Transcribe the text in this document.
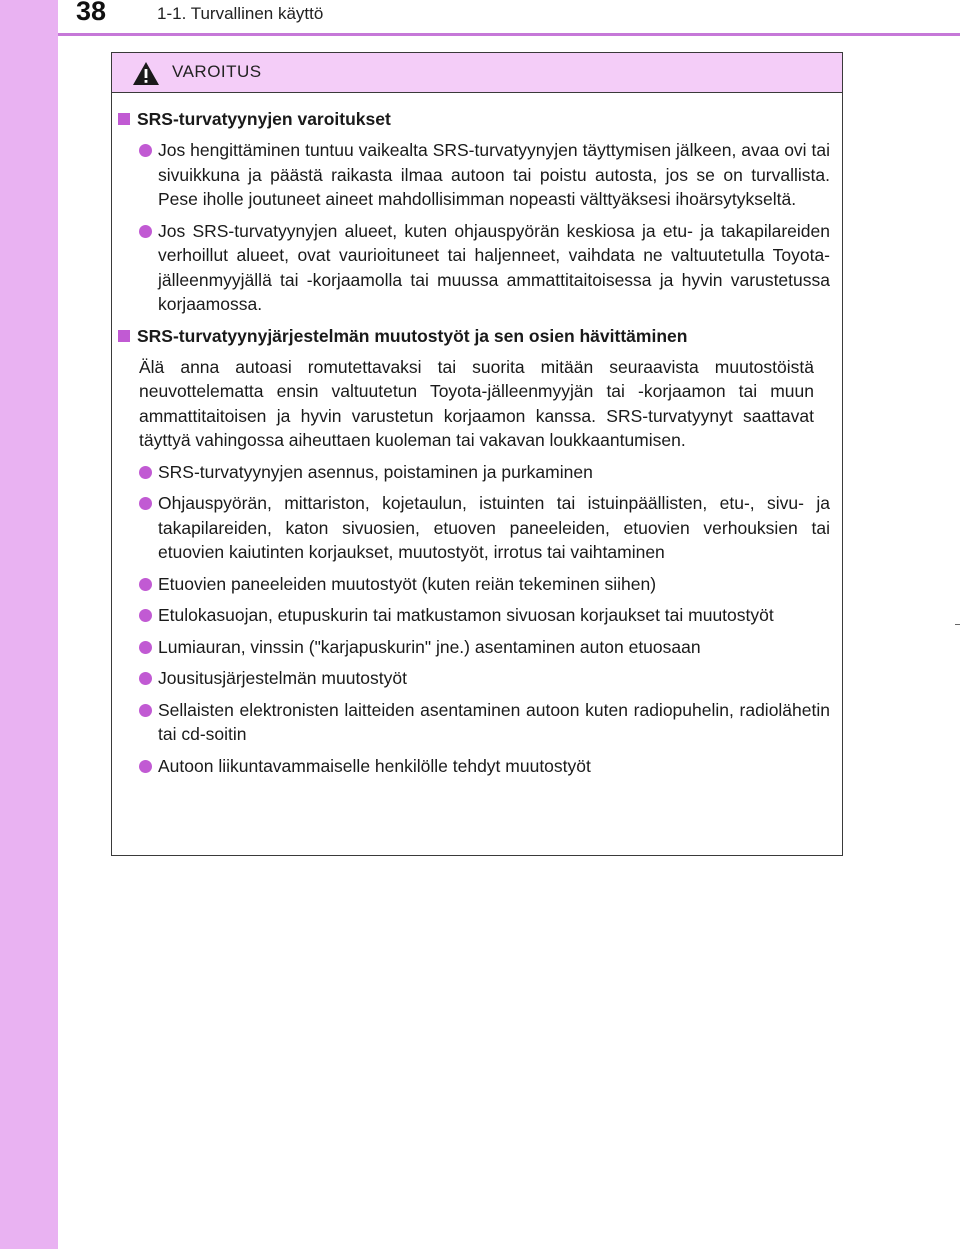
38	1-1. Turvallinen käyttö
VAROITUS
SRS-turvatyynyjen varoitukset
Jos hengittäminen tuntuu vaikealta SRS-turvatyynyjen täyttymisen jälkeen, avaa ovi tai sivuikkuna ja päästä raikasta ilmaa autoon tai poistu autosta, jos se on turvallista. Pese iholle joutuneet aineet mahdollisimman nopeasti välttyäksesi ihoärsytykseltä.
Jos SRS-turvatyynyjen alueet, kuten ohjauspyörän keskiosa ja etu- ja takapilareiden verhoillut alueet, ovat vaurioituneet tai haljenneet, vaihdata ne valtuutetulla Toyota-jälleenmyyjällä tai -korjaamolla tai muussa ammattitaitoisessa ja hyvin varustetussa korjaamossa.
SRS-turvatyynyjärjestelmän muutostyöt ja sen osien hävittäminen
Älä anna autoasi romutettavaksi tai suorita mitään seuraavista muutostöistä neuvottelematta ensin valtuutetun Toyota-jälleenmyyjän tai -korjaamon tai muun ammattitaitoisen ja hyvin varustetun korjaamon kanssa. SRS-turvatyynyt saattavat täyttyä vahingossa aiheuttaen kuoleman tai vakavan loukkaantumisen.
SRS-turvatyynyjen asennus, poistaminen ja purkaminen
Ohjauspyörän, mittariston, kojetaulun, istuinten tai istuinpäällisten, etu-, sivu- ja takapilareiden, katon sivuosien, etuoven paneeleiden, etuovien verhouksien tai etuovien kaiutinten korjaukset, muutostyöt, irrotus tai vaihtaminen
Etuovien paneeleiden muutostyöt (kuten reiän tekeminen siihen)
Etulokasuojan, etupuskurin tai matkustamon sivuosan korjaukset tai muutostyöt
Lumiauran, vinssin ("karjapuskurin" jne.) asentaminen auton etuosaan
Jousitusjärjestelmän muutostyöt
Sellaisten elektronisten laitteiden asentaminen autoon kuten radiopuhelin, radiolähetin tai cd-soitin
Autoon liikuntavammaiselle henkilölle tehdyt muutostyöt
